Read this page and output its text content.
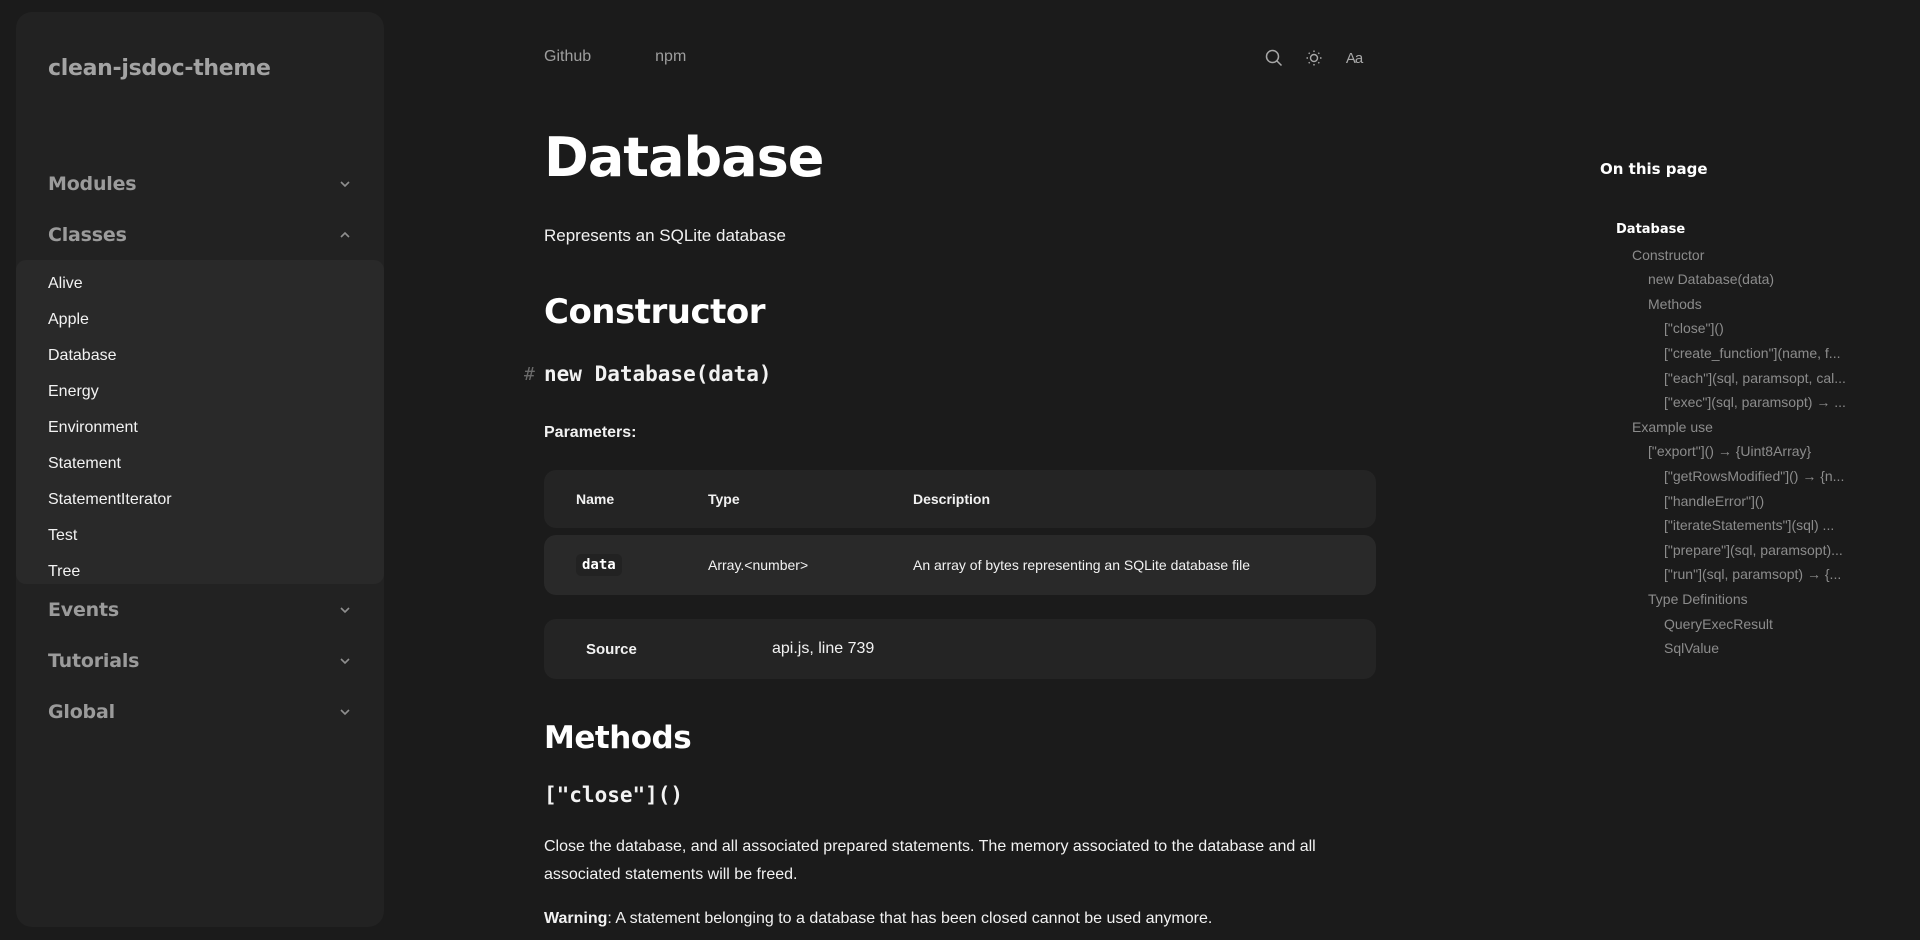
clean-jsdoc-theme
Modules
Classes
Alive
Apple
Database
Energy
Environment
Statement
StatementIterator
Test
Tree
Events
Tutorials
Global
Github	npm	Aa
Database
Represents an SQLite database
Constructor
# new Database(data)
Parameters:
Name	Type	Description
data	Array.<number>	An array of bytes representing an SQLite database file
Source	api.js, line 739
Methods
["close"]()
Close the database, and all associated prepared statements. The memory associated to the database and all associated statements will be freed.
Warning: A statement belonging to a database that has been closed cannot be used anymore.
On this page
Database
Constructor
new Database(data)
Methods
["close"]()
["create_function"](name, f...
["each"](sql, paramsopt, cal...
["exec"](sql, paramsopt) → ...
Example use
["export"]() → {Uint8Array}
["getRowsModified"]() → {n...
["handleError"]()
["iterateStatements"](sql) ...
["prepare"](sql, paramsopt)...
["run"](sql, paramsopt) → {...
Type Definitions
QueryExecResult
SqlValue
